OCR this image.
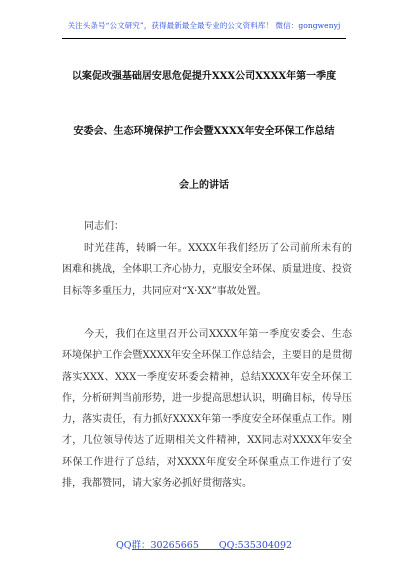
关注头条号“公文研究”，获得最新最全最专业的公文资料库！ 微信：gongwenyj
以案促改强基础居安思危促提升XXX公司XXXX年第一季度
安委会、生态环境保护工作会暨XXXX年安全环保工作总结
会上的讲话
同志们：
时光荏苒，转瞬一年。XXXX年我们经历了公司前所未有的困难和挑战，全体职工齐心协力，克服安全环保、质量进度、投资目标等多重压力，共同应对“X·XX”事故处置。
今天，我们在这里召开公司XXXX年第一季度安委会、生态环境保护工作会暨XXXX年安全环保工作总结会，主要目的是贯彻落实XXX、XXX一季度安环委会精神，总结XXXX年安全环保工作，分析研判当前形势，进一步提高思想认识，明确目标，传导压力，落实责任，有力抓好XXXX年第一季度安全环保重点工作。刚才，几位领导传达了近期相关文件精神，XX同志对XXXX年安全环保工作进行了总结，对XXXX年度安全环保重点工作进行了安排，我都赞同，请大家务必抓好贯彻落实。
QQ群：30265665 QQ:535304092
